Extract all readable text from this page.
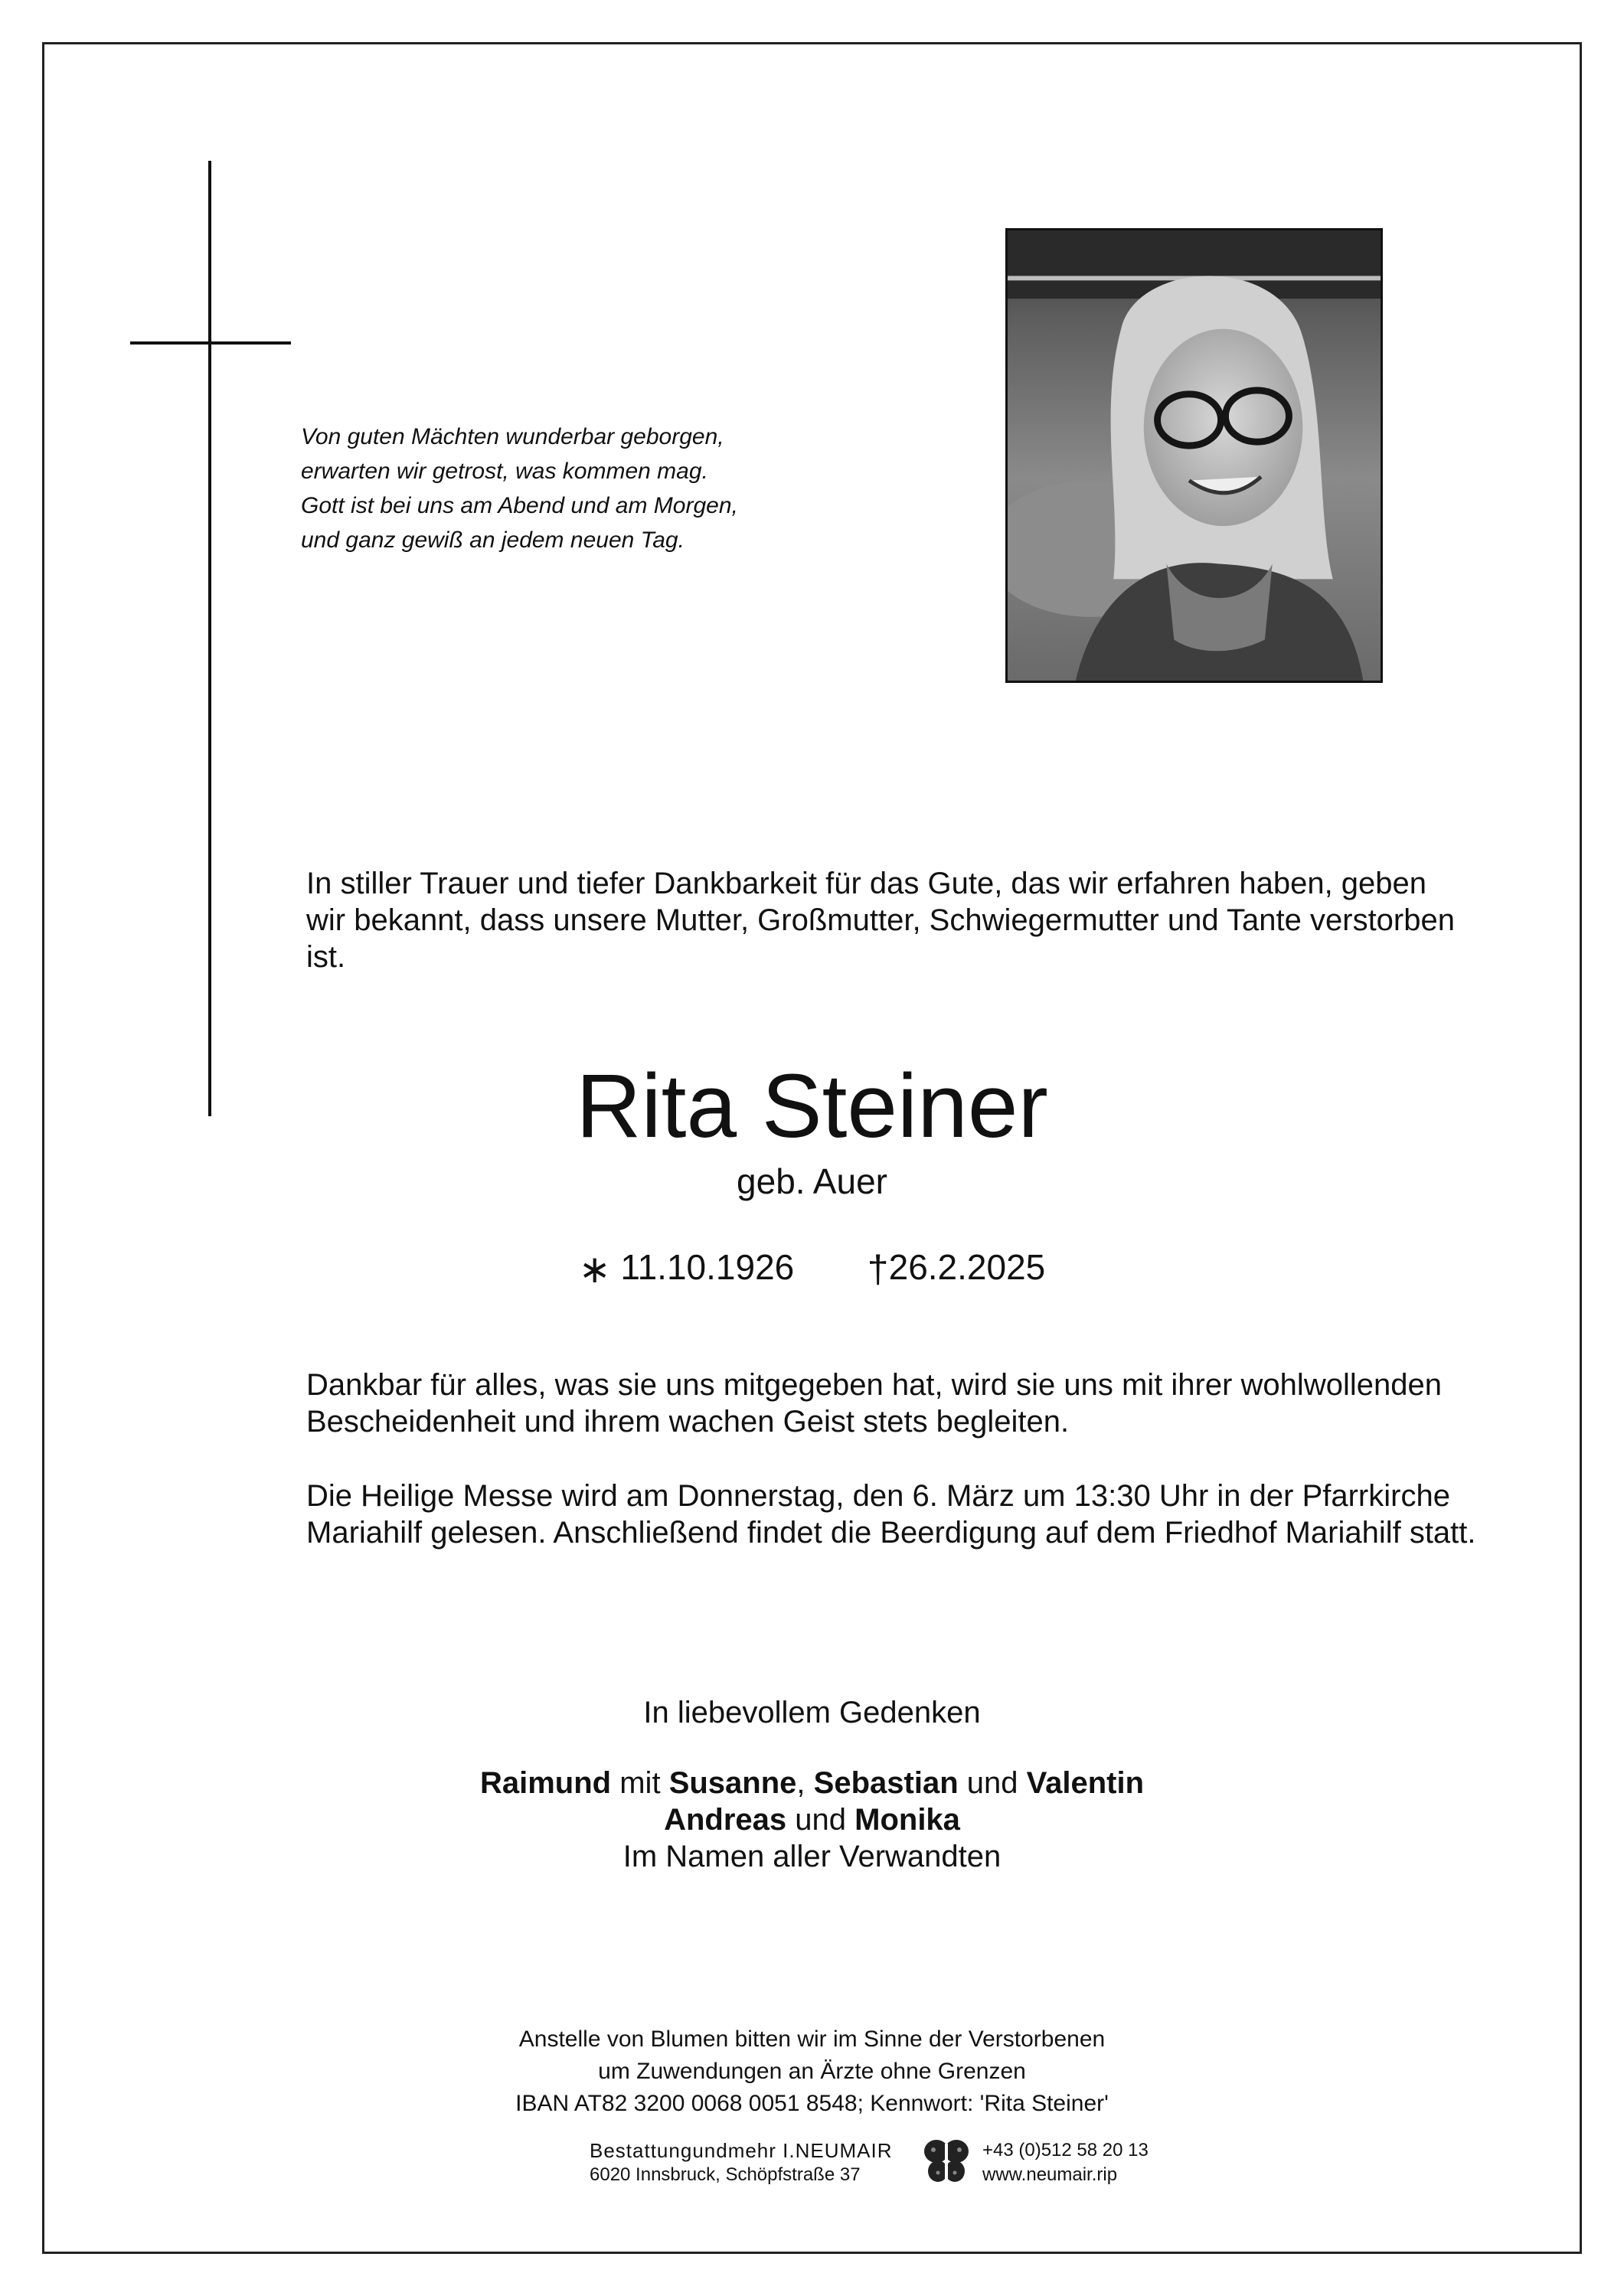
Von guten Mächten wunderbar geborgen,
erwarten wir getrost, was kommen mag.
Gott ist bei uns am Abend und am Morgen,
und ganz gewiß an jedem neuen Tag.
In stiller Trauer und tiefer Dankbarkeit für das Gute, das wir erfahren haben, geben wir bekannt, dass unsere Mutter, Großmutter, Schwiegermutter und Tante verstorben ist.
Rita Steiner
geb. Auer
∗ 11.10.1926 †26.2.2025
Dankbar für alles, was sie uns mitgegeben hat, wird sie uns mit ihrer wohlwollenden Bescheidenheit und ihrem wachen Geist stets begleiten.
Die Heilige Messe wird am Donnerstag, den 6. März um 13:30 Uhr in der Pfarrkirche Mariahilf gelesen. Anschließend findet die Beerdigung auf dem Friedhof Mariahilf statt.
In liebevollem Gedenken
Raimund mit Susanne, Sebastian und Valentin
Andreas und Monika
Im Namen aller Verwandten
Anstelle von Blumen bitten wir im Sinne der Verstorbenen
um Zuwendungen an Ärzte ohne Grenzen
IBAN AT82 3200 0068 0051 8548; Kennwort: 'Rita Steiner'
Bestattungundmehr I.NEUMAIR
6020 Innsbruck, Schöpfstraße 37
+43 (0)512 58 20 13
www.neumair.rip
